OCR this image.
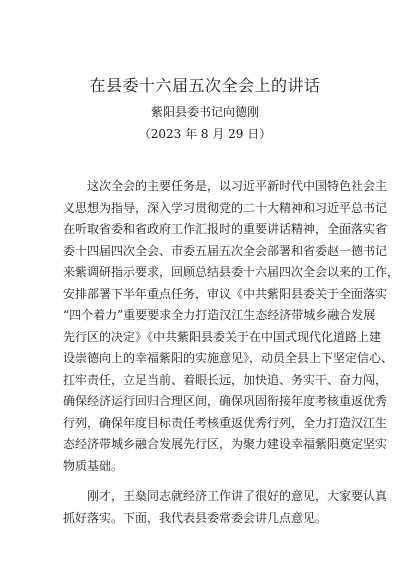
在县委十六届五次全会上的讲话
紫阳县委书记向德刚
（2023 年 8 月 29 日）
这次全会的主要任务是，以习近平新时代中国特色社会主
义思想为指导，深入学习贯彻党的二十大精神和习近平总书记
在听取省委和省政府工作汇报时的重要讲话精神，全面落实省
委十四届四次全会、市委五届五次全会部署和省委赵一德书记
来紫调研指示要求，回顾总结县委十六届四次全会以来的工作，
安排部署下半年重点任务，审议《中共紫阳县委关于全面落实
“四个着力”重要要求全力打造汉江生态经济带城乡融合发展
先行区的决定》《中共紫阳县委关于在中国式现代化道路上建
设崇德向上的幸福紫阳的实施意见》，动员全县上下坚定信心、
扛牢责任，立足当前、着眼长远，加快追、务实干、奋力闯，
确保经济运行回归合理区间，确保巩固衔接年度考核重返优秀
行列，确保年度目标责任考核重返优秀行列，全力打造汉江生
态经济带城乡融合发展先行区，为聚力建设幸福紫阳奠定坚实
物质基础。
刚才，王燊同志就经济工作讲了很好的意见，大家要认真
抓好落实。下面，我代表县委常委会讲几点意见。
